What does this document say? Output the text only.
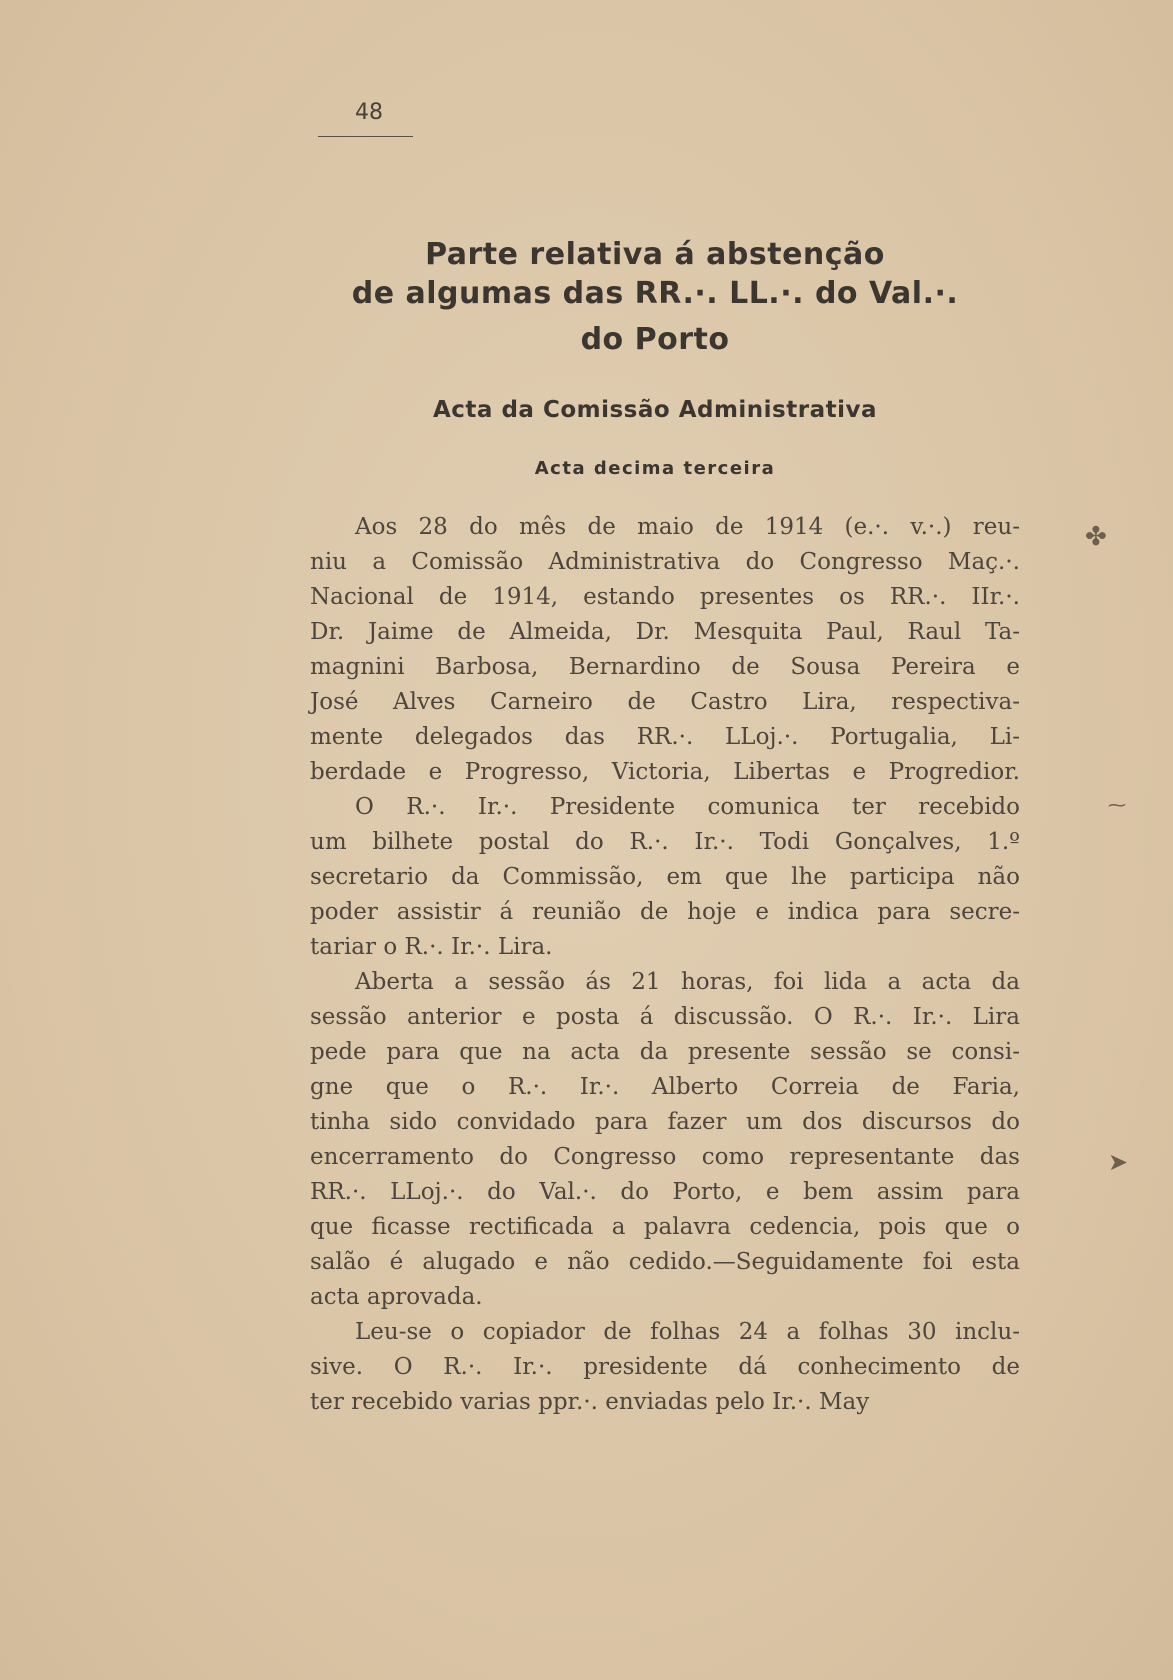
48
Parte relativa á abstenção
de algumas das RR.·. LL.·. do Val.·.
do Porto
Acta da Comissão Administrativa
Acta decima terceira
Aos 28 do mês de maio de 1914 (e.·. v.·.) reu-
niu a Comissão Administrativa do Congresso Maç.·.
Nacional de 1914, estando presentes os RR.·. IIr.·.
Dr. Jaime de Almeida, Dr. Mesquita Paul, Raul Ta-
magnini Barbosa, Bernardino de Sousa Pereira e
José Alves Carneiro de Castro Lira, respectiva-
mente delegados das RR.·. LLoj.·. Portugalia, Li-
berdade e Progresso, Victoria, Libertas e Progredior.
O R.·. Ir.·. Presidente comunica ter recebido
um bilhete postal do R.·. Ir.·. Todi Gonçalves, 1.º
secretario da Commissão, em que lhe participa não
poder assistir á reunião de hoje e indica para secre-
tariar o R.·. Ir.·. Lira.
Aberta a sessão ás 21 horas, foi lida a acta da
sessão anterior e posta á discussão. O R.·. Ir.·. Lira
pede para que na acta da presente sessão se consi-
gne que o R.·. Ir.·. Alberto Correia de Faria,
tinha sido convidado para fazer um dos discursos do
encerramento do Congresso como representante das
RR.·. LLoj.·. do Val.·. do Porto, e bem assim para
que ficasse rectificada a palavra cedencia, pois que o
salão é alugado e não cedido.—Seguidamente foi esta
acta aprovada.
Leu-se o copiador de folhas 24 a folhas 30 inclu-
sive. O R.·. Ir.·. presidente dá conhecimento de
ter recebido varias ppr.·. enviadas pelo Ir.·. May
✤
⁓
➤
